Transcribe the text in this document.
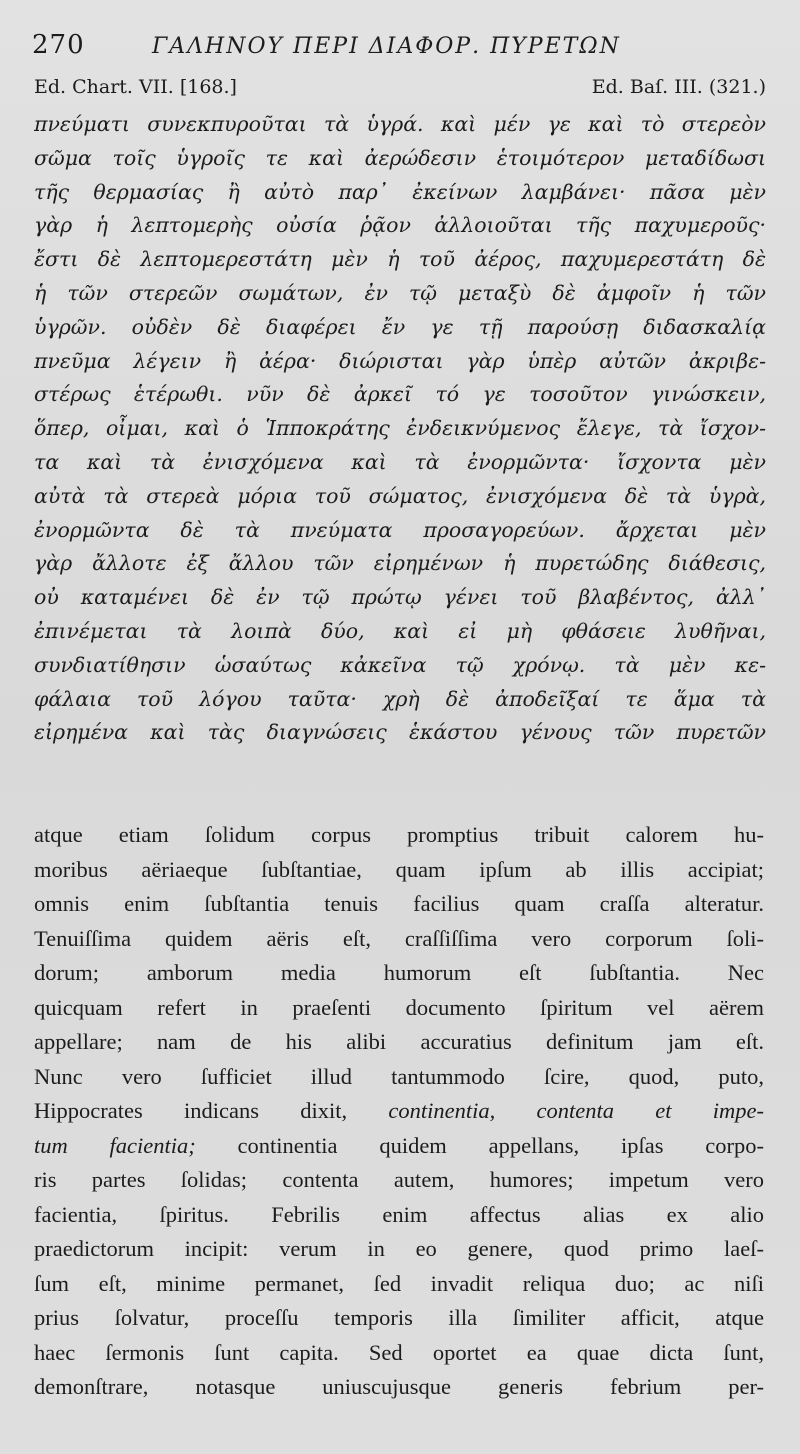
270	ΓΑΛΗΝΟΥ ΠΕΡΙ ΔΙΑΦΟΡ. ΠΥΡΕΤΩΝ
Ed. Chart. VII. [168.]	Ed. Baſ. III. (321.)
πνεύματι συνεκπυροῦται τὰ ὑγρά. καὶ μέν γε καὶ τὸ στερεὸν
σῶμα τοῖς ὑγροῖς τε καὶ ἀερώδεσιν ἑτοιμότερον μεταδίδωσι
τῆς θερμασίας ἢ αὐτὸ παρ᾽ ἐκείνων λαμβάνει· πᾶσα μὲν
γὰρ ἡ λεπτομερὴς οὐσία ῥᾷον ἀλλοιοῦται τῆς παχυμεροῦς·
ἔστι δὲ λεπτομερεστάτη μὲν ἡ τοῦ ἀέρος, παχυμερεστάτη δὲ
ἡ τῶν στερεῶν σωμάτων, ἐν τῷ μεταξὺ δὲ ἀμφοῖν ἡ τῶν
ὑγρῶν. οὐδὲν δὲ διαφέρει ἔν γε τῇ παρούσῃ διδασκαλίᾳ
πνεῦμα λέγειν ἢ ἀέρα· διώρισται γὰρ ὑπὲρ αὐτῶν ἀκριβε-
στέρως ἑτέρωθι. νῦν δὲ ἀρκεῖ τό γε τοσοῦτον γινώσκειν,
ὅπερ, οἶμαι, καὶ ὁ Ἱπποκράτης ἐνδεικνύμενος ἔλεγε, τὰ ἴσχον-
τα καὶ τὰ ἐνισχόμενα καὶ τὰ ἐνορμῶντα· ἴσχοντα μὲν
αὐτὰ τὰ στερεὰ μόρια τοῦ σώματος, ἐνισχόμενα δὲ τὰ ὑγρὰ,
ἐνορμῶντα δὲ τὰ πνεύματα προσαγορεύων. ἄρχεται μὲν
γὰρ ἄλλοτε ἐξ ἄλλου τῶν εἰρημένων ἡ πυρετώδης διάθεσις,
οὐ καταμένει δὲ ἐν τῷ πρώτῳ γένει τοῦ βλαβέντος, ἀλλ᾽
ἐπινέμεται τὰ λοιπὰ δύο, καὶ εἰ μὴ φθάσειε λυθῆναι,
συνδιατίθησιν ὡσαύτως κἀκεῖνα τῷ χρόνῳ. τὰ μὲν κε-
φάλαια τοῦ λόγου ταῦτα· χρὴ δὲ ἀποδεῖξαί τε ἅμα τὰ
εἰρημένα καὶ τὰς διαγνώσεις ἑκάστου γένους τῶν πυρετῶν
atque etiam ſolidum corpus promptius tribuit calorem hu-
moribus aëriaeque ſubſtantiae, quam ipſum ab illis accipiat;
omnis enim ſubſtantia tenuis facilius quam craſſa alteratur.
Tenuiſſima quidem aëris eſt, craſſiſſima vero corporum ſoli-
dorum; amborum media humorum eſt ſubſtantia. Nec
quicquam refert in praeſenti documento ſpiritum vel aërem
appellare; nam de his alibi accuratius definitum jam eſt.
Nunc vero ſufficiet illud tantummodo ſcire, quod, puto,
Hippocrates indicans dixit, continentia, contenta et impe-
tum facientia; continentia quidem appellans, ipſas corpo-
ris partes ſolidas; contenta autem, humores; impetum vero
facientia, ſpiritus. Febrilis enim affectus alias ex alio
praedictorum incipit: verum in eo genere, quod primo laeſ-
ſum eſt, minime permanet, ſed invadit reliqua duo; ac niſi
prius ſolvatur, proceſſu temporis illa ſimiliter afficit, atque
haec ſermonis ſunt capita. Sed oportet ea quae dicta ſunt,
demonſtrare, notasque uniuscujusque generis febrium per-
